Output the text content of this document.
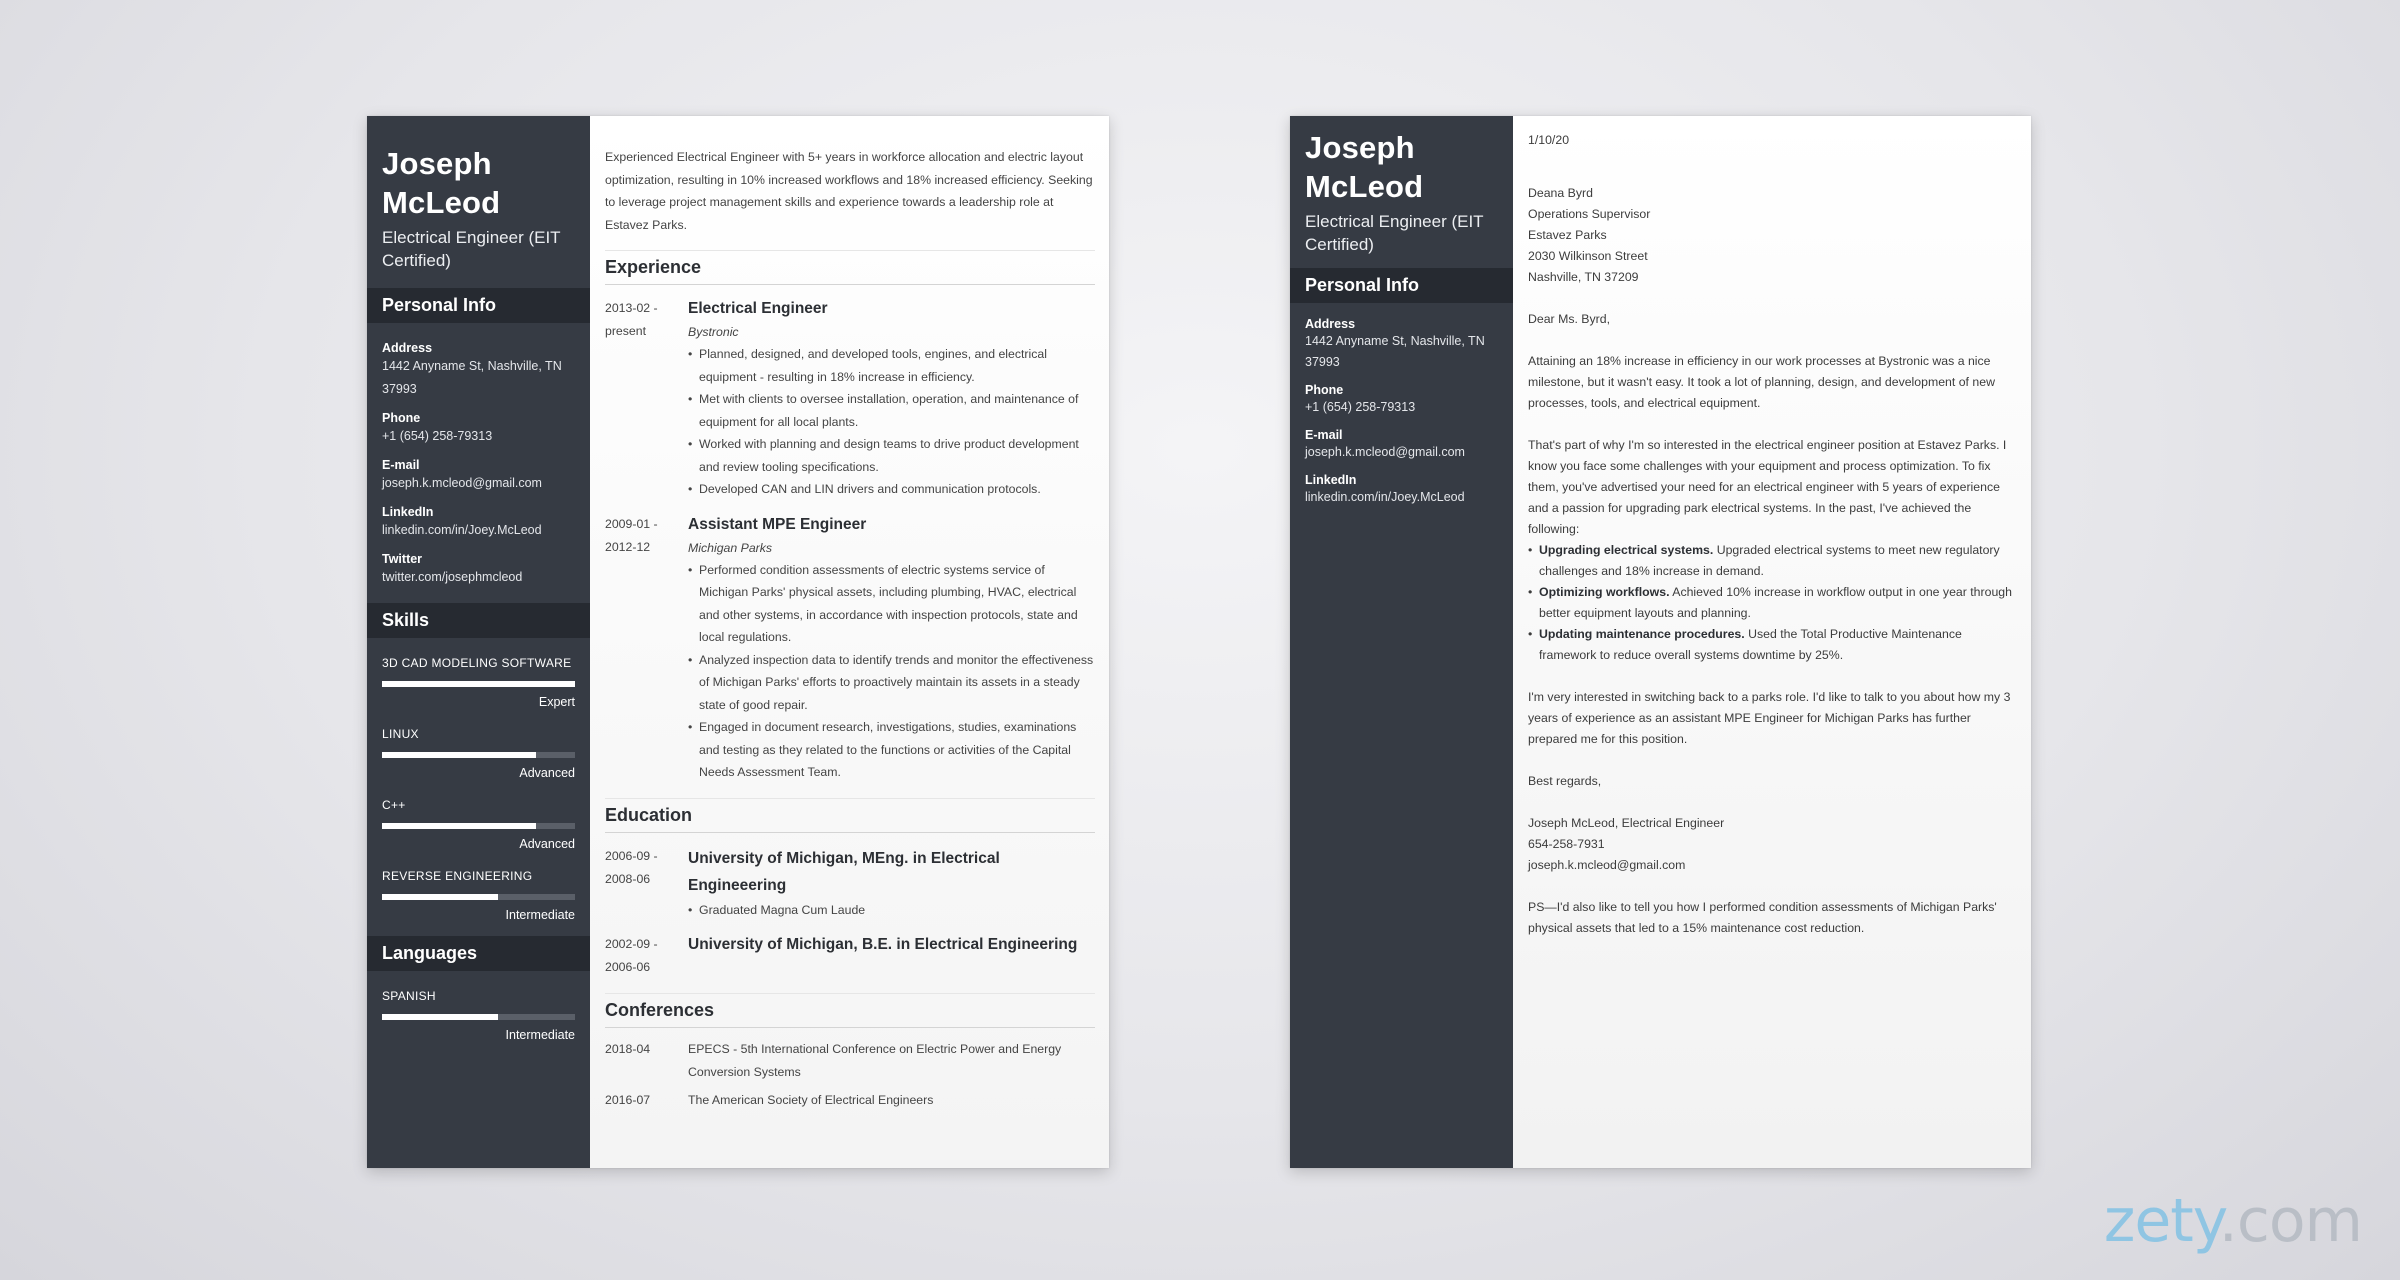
Joseph
McLeod
Electrical Engineer (EIT Certified)
Personal Info
Address
1442 Anyname St, Nashville, TN 37993
Phone
+1 (654) 258-79313
E-mail
joseph.k.mcleod@gmail.com
LinkedIn
linkedin.com/in/Joey.McLeod
Twitter
twitter.com/josephmcleod
Skills
3D CAD MODELING SOFTWARE
Expert
LINUX
Advanced
C++
Advanced
REVERSE ENGINEERING
Intermediate
Languages
SPANISH
Intermediate
Experienced Electrical Engineer with 5+ years in workforce allocation and electric layout optimization, resulting in 10% increased workflows and 18% increased efficiency. Seeking to leverage project management skills and experience towards a leadership role at Estavez Parks.
Experience
2013-02 - present
Electrical Engineer
Bystronic
• Planned, designed, and developed tools, engines, and electrical equipment - resulting in 18% increase in efficiency.
• Met with clients to oversee installation, operation, and maintenance of equipment for all local plants.
• Worked with planning and design teams to drive product development and review tooling specifications.
• Developed CAN and LIN drivers and communication protocols.
2009-01 - 2012-12
Assistant MPE Engineer
Michigan Parks
• Performed condition assessments of electric systems service of Michigan Parks' physical assets, including plumbing, HVAC, electrical and other systems, in accordance with inspection protocols, state and local regulations.
• Analyzed inspection data to identify trends and monitor the effectiveness of Michigan Parks' efforts to proactively maintain its assets in a steady state of good repair.
• Engaged in document research, investigations, studies, examinations and testing as they related to the functions or activities of the Capital Needs Assessment Team.
Education
2006-09 - 2008-06
University of Michigan, MEng. in Electrical Engineeering
• Graduated Magna Cum Laude
2002-09 - 2006-06
University of Michigan, B.E. in Electrical Engineering
Conferences
2018-04	EPECS - 5th International Conference on Electric Power and Energy Conversion Systems
2016-07	The American Society of Electrical Engineers
Joseph
McLeod
Electrical Engineer (EIT Certified)
Personal Info
Address
1442 Anyname St, Nashville, TN 37993
Phone
+1 (654) 258-79313
E-mail
joseph.k.mcleod@gmail.com
LinkedIn
linkedin.com/in/Joey.McLeod

1/10/20

Deana Byrd
Operations Supervisor
Estavez Parks
2030 Wilkinson Street
Nashville, TN 37209

Dear Ms. Byrd,

Attaining an 18% increase in efficiency in our work processes at Bystronic was a nice milestone, but it wasn't easy. It took a lot of planning, design, and development of new processes, tools, and electrical equipment.

That's part of why I'm so interested in the electrical engineer position at Estavez Parks. I know you face some challenges with your equipment and process optimization. To fix them, you've advertised your need for an electrical engineer with 5 years of experience and a passion for upgrading park electrical systems. In the past, I've achieved the following:

• Upgrading electrical systems. Upgraded electrical systems to meet new regulatory challenges and 18% increase in demand.
• Optimizing workflows. Achieved 10% increase in workflow output in one year through better equipment layouts and planning.
• Updating maintenance procedures. Used the Total Productive Maintenance framework to reduce overall systems downtime by 25%.

I'm very interested in switching back to a parks role. I'd like to talk to you about how my 3 years of experience as an assistant MPE Engineer for Michigan Parks has further prepared me for this position.

Best regards,

Joseph McLeod, Electrical Engineer
654-258-7931
joseph.k.mcleod@gmail.com

PS—I'd also like to tell you how I performed condition assessments of Michigan Parks' physical assets that led to a 15% maintenance cost reduction.

zety.com
